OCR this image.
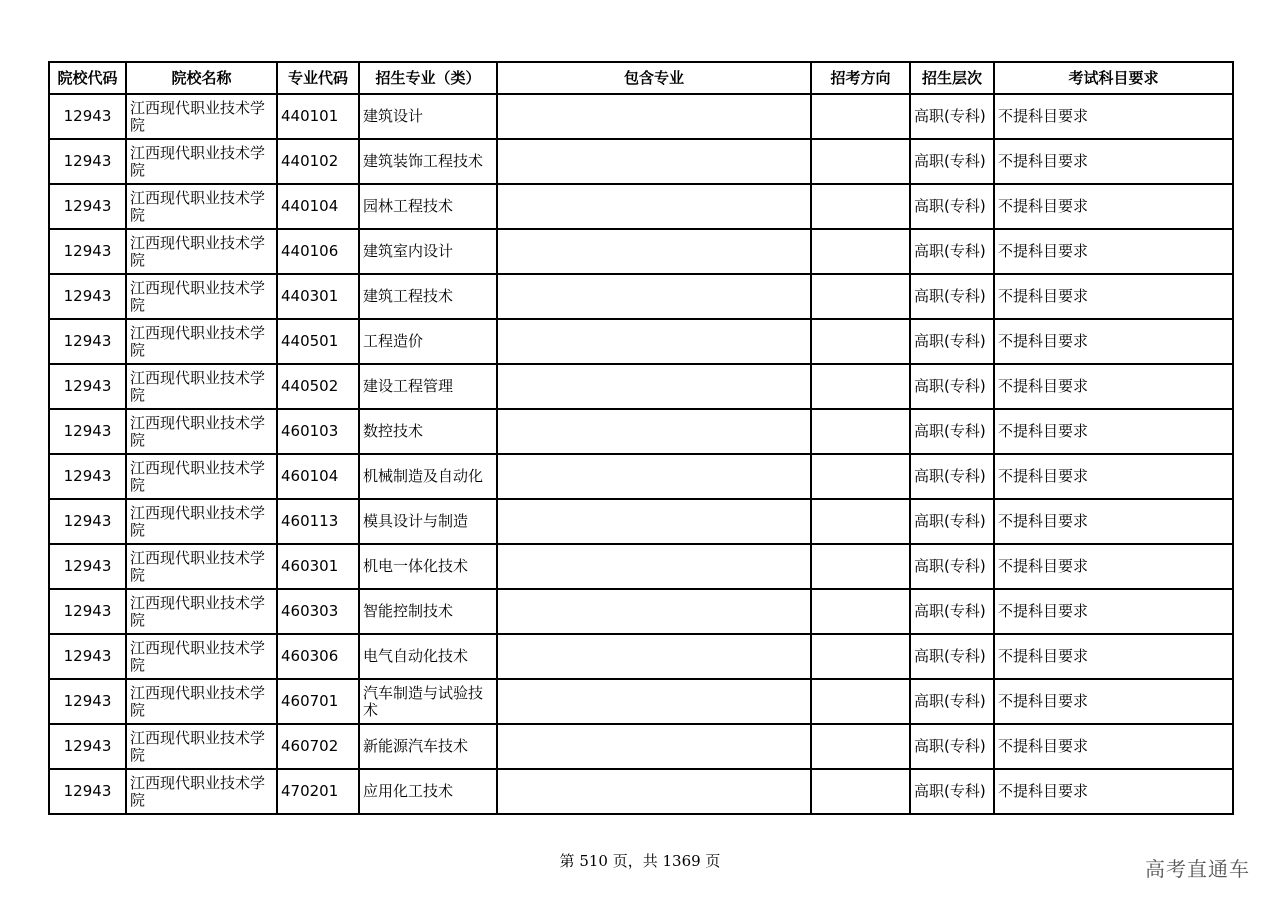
院校代码	院校名称	专业代码	招生专业（类）	包含专业	招考方向	招生层次	考试科目要求
12943	江西现代职业技术学院	440101	建筑设计			高职(专科)	不提科目要求
12943	江西现代职业技术学院	440102	建筑装饰工程技术			高职(专科)	不提科目要求
12943	江西现代职业技术学院	440104	园林工程技术			高职(专科)	不提科目要求
12943	江西现代职业技术学院	440106	建筑室内设计			高职(专科)	不提科目要求
12943	江西现代职业技术学院	440301	建筑工程技术			高职(专科)	不提科目要求
12943	江西现代职业技术学院	440501	工程造价			高职(专科)	不提科目要求
12943	江西现代职业技术学院	440502	建设工程管理			高职(专科)	不提科目要求
12943	江西现代职业技术学院	460103	数控技术			高职(专科)	不提科目要求
12943	江西现代职业技术学院	460104	机械制造及自动化			高职(专科)	不提科目要求
12943	江西现代职业技术学院	460113	模具设计与制造			高职(专科)	不提科目要求
12943	江西现代职业技术学院	460301	机电一体化技术			高职(专科)	不提科目要求
12943	江西现代职业技术学院	460303	智能控制技术			高职(专科)	不提科目要求
12943	江西现代职业技术学院	460306	电气自动化技术			高职(专科)	不提科目要求
12943	江西现代职业技术学院	460701	汽车制造与试验技术			高职(专科)	不提科目要求
12943	江西现代职业技术学院	460702	新能源汽车技术			高职(专科)	不提科目要求
12943	江西现代职业技术学院	470201	应用化工技术			高职(专科)	不提科目要求
第 510 页，共 1369 页	高考直通车
